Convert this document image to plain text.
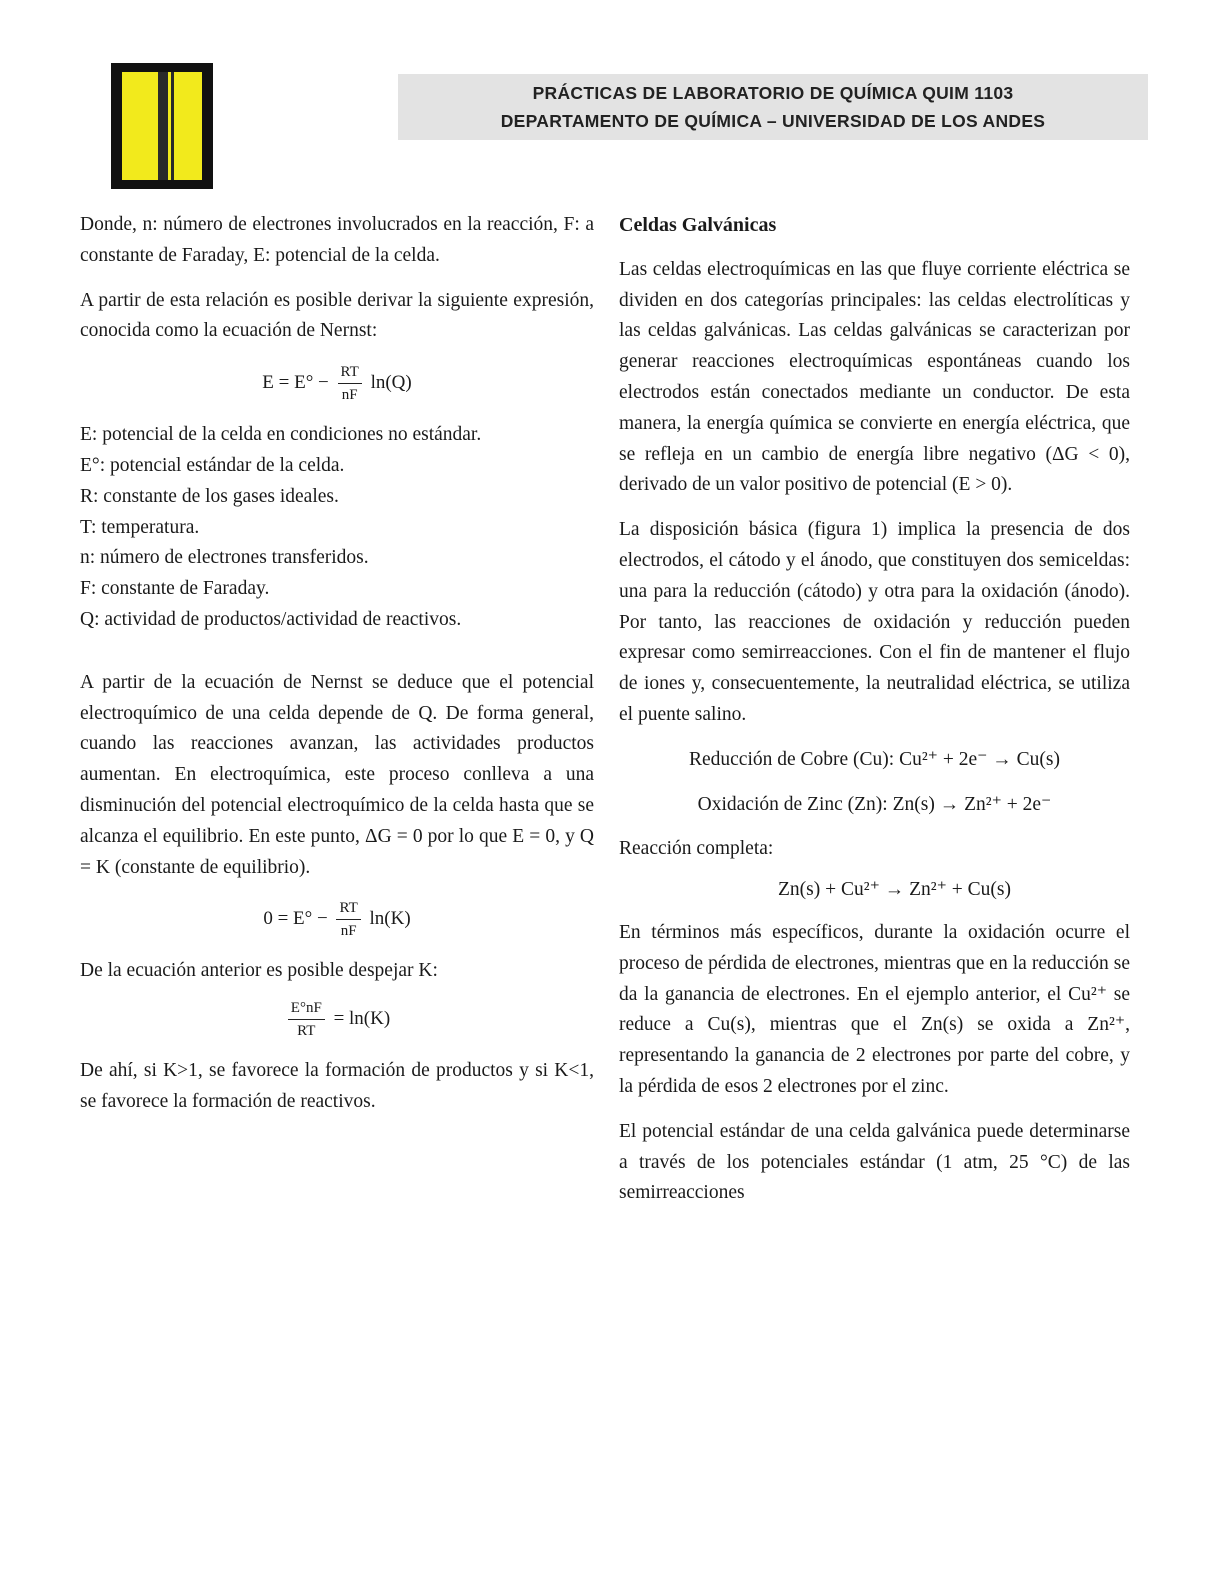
PRÁCTICAS DE LABORATORIO DE QUÍMICA QUIM 1103
DEPARTAMENTO DE QUÍMICA – UNIVERSIDAD DE LOS ANDES

Donde, n: número de electrones involucrados en la reacción, F: a constante de Faraday, E: potencial de la celda.

A partir de esta relación es posible derivar la siguiente expresión, conocida como la ecuación de Nernst:

$E = E^\circ - \frac{RT}{nF} \ln(Q)$

E: potencial de la celda en condiciones no estándar.

E°: potencial estándar de la celda.

R: constante de los gases ideales.

T: temperatura.

n: número de electrones transferidos.

F: constante de Faraday.

Q: actividad de productos/actividad de reactivos.

A partir de la ecuación de Nernst se deduce que el potencial electroquímico de una celda depende de Q. De forma general, cuando las reacciones avanzan, las actividades productos aumentan. En electroquímica, este proceso conlleva a una disminución del potencial electroquímico de la celda hasta que se alcanza el equilibrio. En este punto, ΔG = 0 por lo que E = 0, y Q = K (constante de equilibrio).

$0 = E^\circ - \frac{RT}{nF} \ln(K)$

De la ecuación anterior es posible despejar K:

$\frac{E^\circ nF}{RT} = \ln(K)$

De ahí, si K>1, se favorece la formación de productos y si K<1, se favorece la formación de reactivos.

Celdas Galvánicas

Las celdas electroquímicas en las que fluye corriente eléctrica se dividen en dos categorías principales: las celdas electrolíticas y las celdas galvánicas. Las celdas galvánicas se caracterizan por generar reacciones electroquímicas espontáneas cuando los electrodos están conectados mediante un conductor. De esta manera, la energía química se convierte en energía eléctrica, que se refleja en un cambio de energía libre negativo (ΔG < 0), derivado de un valor positivo de potencial (E > 0).

La disposición básica (figura 1) implica la presencia de dos electrodos, el cátodo y el ánodo, que constituyen dos semiceldas: una para la reducción (cátodo) y otra para la oxidación (ánodo). Por tanto, las reacciones de oxidación y reducción pueden expresar como semirreacciones. Con el fin de mantener el flujo de iones y, consecuentemente, la neutralidad eléctrica, se utiliza el puente salino.

Reducción de Cobre (Cu): Cu²⁺ + 2e⁻ → Cu(s)
Oxidación de Zinc (Zn): Zn(s) → Zn²⁺ + 2e⁻

Reacción completa:

Zn(s) + Cu²⁺ → Zn²⁺ + Cu(s)

En términos más específicos, durante la oxidación ocurre el proceso de pérdida de electrones, mientras que en la reducción se da la ganancia de electrones. En el ejemplo anterior, el Cu²⁺ se reduce a Cu(s), mientras que el Zn(s) se oxida a Zn²⁺, representando la ganancia de 2 electrones por parte del cobre, y la pérdida de esos 2 electrones por el zinc.

El potencial estándar de una celda galvánica puede determinarse a través de los potenciales estándar (1 atm, 25 °C) de las semirreacciones
